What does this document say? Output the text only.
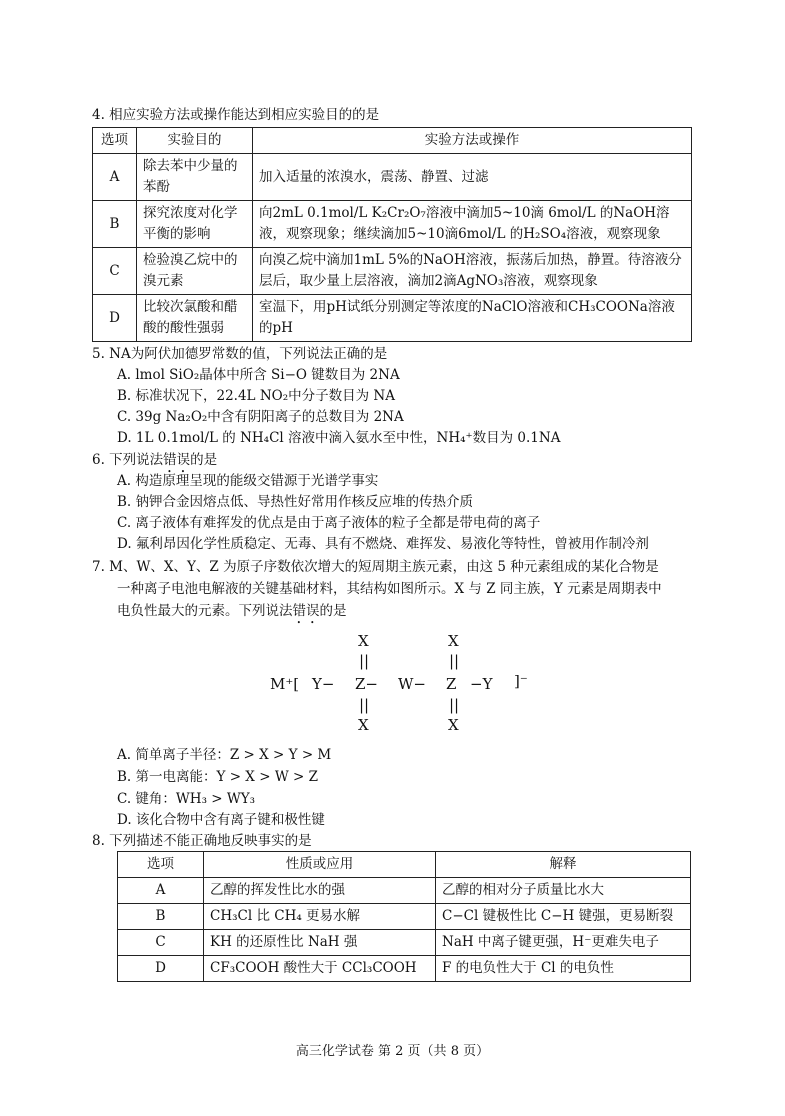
4. 相应实验方法或操作能达到相应实验目的的是
选项	实验目的	实验方法或操作
A	除去苯中少量的苯酚	加入适量的浓溴水，震荡、静置、过滤
B	探究浓度对化学平衡的影响	向2mL 0.1mol/L K₂Cr₂O₇溶液中滴加5~10滴 6mol/L 的NaOH溶液，观察现象；继续滴加5~10滴6mol/L 的H₂SO₄溶液，观察现象
C	检验溴乙烷中的溴元素	向溴乙烷中滴加1mL 5%的NaOH溶液，振荡后加热，静置。待溶液分层后，取少量上层溶液，滴加2滴AgNO₃溶液，观察现象
D	比较次氯酸和醋酸的酸性强弱	室温下，用pH试纸分别测定等浓度的NaClO溶液和CH₃COONa溶液的pH
5. NA为阿伏加德罗常数的值，下列说法正确的是
A. lmol SiO₂晶体中所含 Si−O 键数目为 2NA
B. 标准状况下，22.4L NO₂中分子数目为 NA
C. 39g Na₂O₂中含有阴阳离子的总数目为 2NA
D. 1L 0.1mol/L 的 NH₄Cl 溶液中滴入氨水至中性，NH₄⁺数目为 0.1NA
6. 下列说法错误的是
A. 构造原理呈现的能级交错源于光谱学事实
B. 钠钾合金因熔点低、导热性好常用作核反应堆的传热介质
C. 离子液体有难挥发的优点是由于离子液体的粒子全都是带电荷的离子
D. 氟利昂因化学性质稳定、无毒、具有不燃烧、难挥发、易液化等特性，曾被用作制冷剂
7. M、W、X、Y、Z 为原子序数依次增大的短周期主族元素，由这 5 种元素组成的某化合物是
一种离子电池电解液的关键基础材料，其结构如图所示。X 与 Z 同主族，Y 元素是周期表中
电负性最大的元素。下列说法错误的是
X	X
||	||
M⁺[ Y− Z− W− Z −Y ]⁻
||	||
X	X
A. 简单离子半径：Z > X > Y > M
B. 第一电离能：Y > X > W > Z
C. 键角：WH₃ > WY₃
D. 该化合物中含有离子键和极性键
8. 下列描述不能正确地反映事实的是
选项	性质或应用	解释
A	乙醇的挥发性比水的强	乙醇的相对分子质量比水大
B	CH₃Cl 比 CH₄ 更易水解	C−Cl 键极性比 C−H 键强，更易断裂
C	KH 的还原性比 NaH 强	NaH 中离子键更强，H⁻更难失电子
D	CF₃COOH 酸性大于 CCl₃COOH	F 的电负性大于 Cl 的电负性
高三化学试卷 第 2 页（共 8 页）
